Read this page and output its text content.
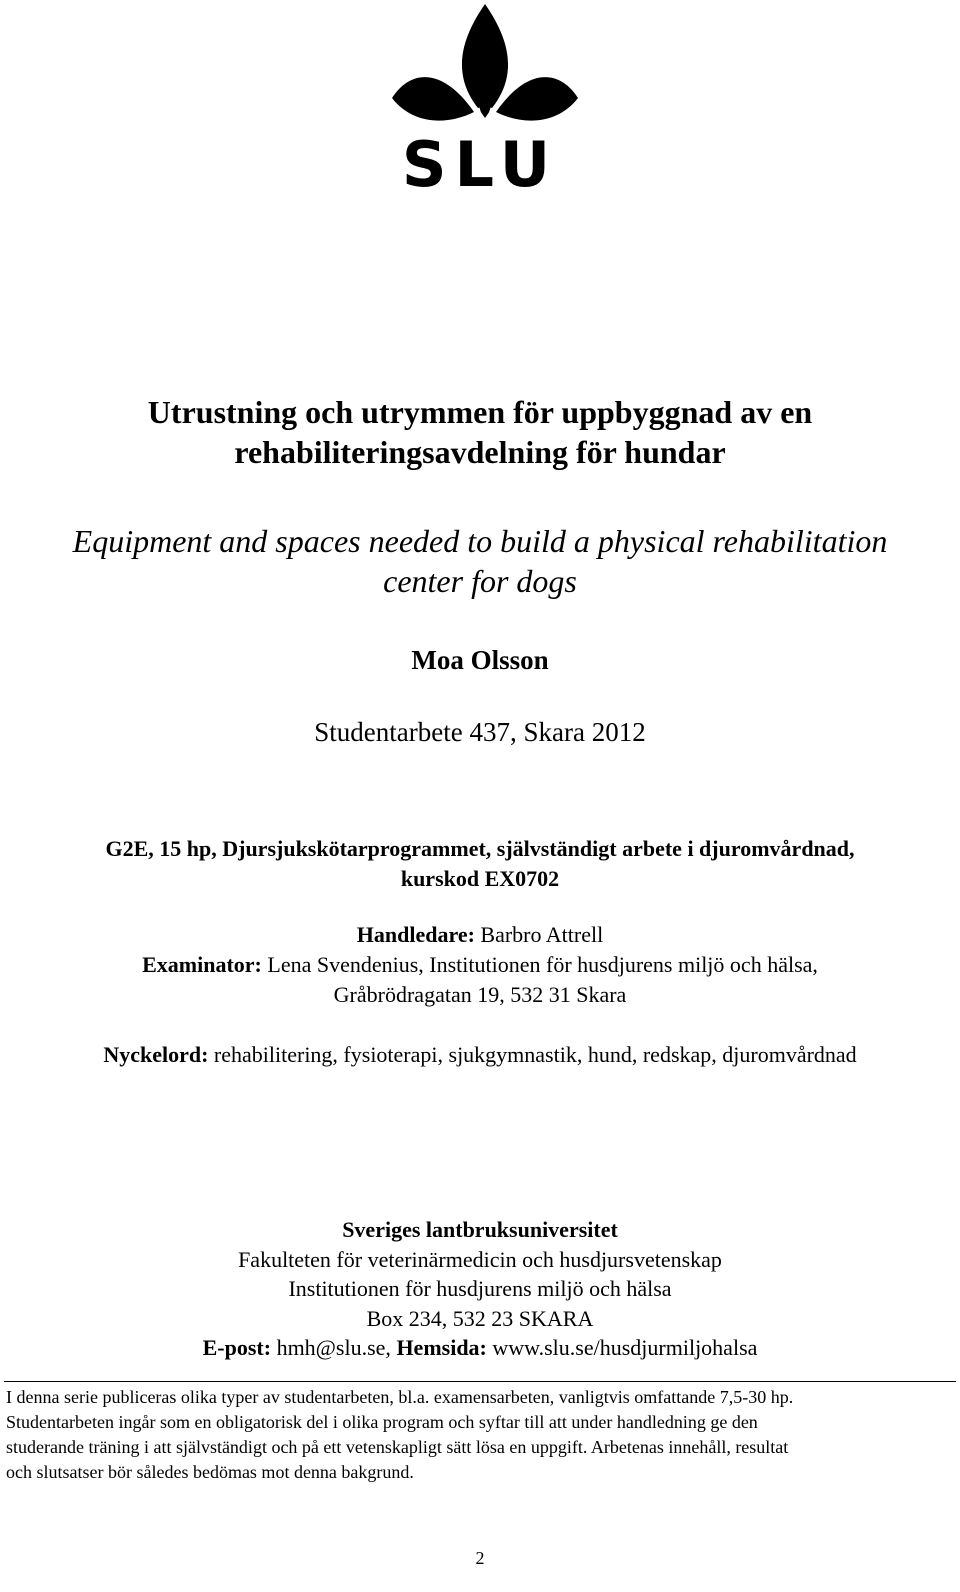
SLU
Utrustning och utrymmen för uppbyggnad av en
rehabiliteringsavdelning för hundar
Equipment and spaces needed to build a physical rehabilitation
center for dogs
Moa Olsson
Studentarbete 437, Skara 2012
G2E, 15 hp, Djursjukskötarprogrammet, självständigt arbete i djuromvårdnad,
kurskod EX0702
Handledare: Barbro Attrell
Examinator: Lena Svendenius, Institutionen för husdjurens miljö och hälsa,
Gråbrödragatan 19, 532 31 Skara
Nyckelord: rehabilitering, fysioterapi, sjukgymnastik, hund, redskap, djuromvårdnad
Sveriges lantbruksuniversitet
Fakulteten för veterinärmedicin och husdjursvetenskap
Institutionen för husdjurens miljö och hälsa
Box 234, 532 23 SKARA
E-post: hmh@slu.se, Hemsida: www.slu.se/husdjurmiljohalsa
I denna serie publiceras olika typer av studentarbeten, bl.a. examensarbeten, vanligtvis omfattande 7,5-30 hp.
Studentarbeten ingår som en obligatorisk del i olika program och syftar till att under handledning ge den
studerande träning i att självständigt och på ett vetenskapligt sätt lösa en uppgift. Arbetenas innehåll, resultat
och slutsatser bör således bedömas mot denna bakgrund.
2
